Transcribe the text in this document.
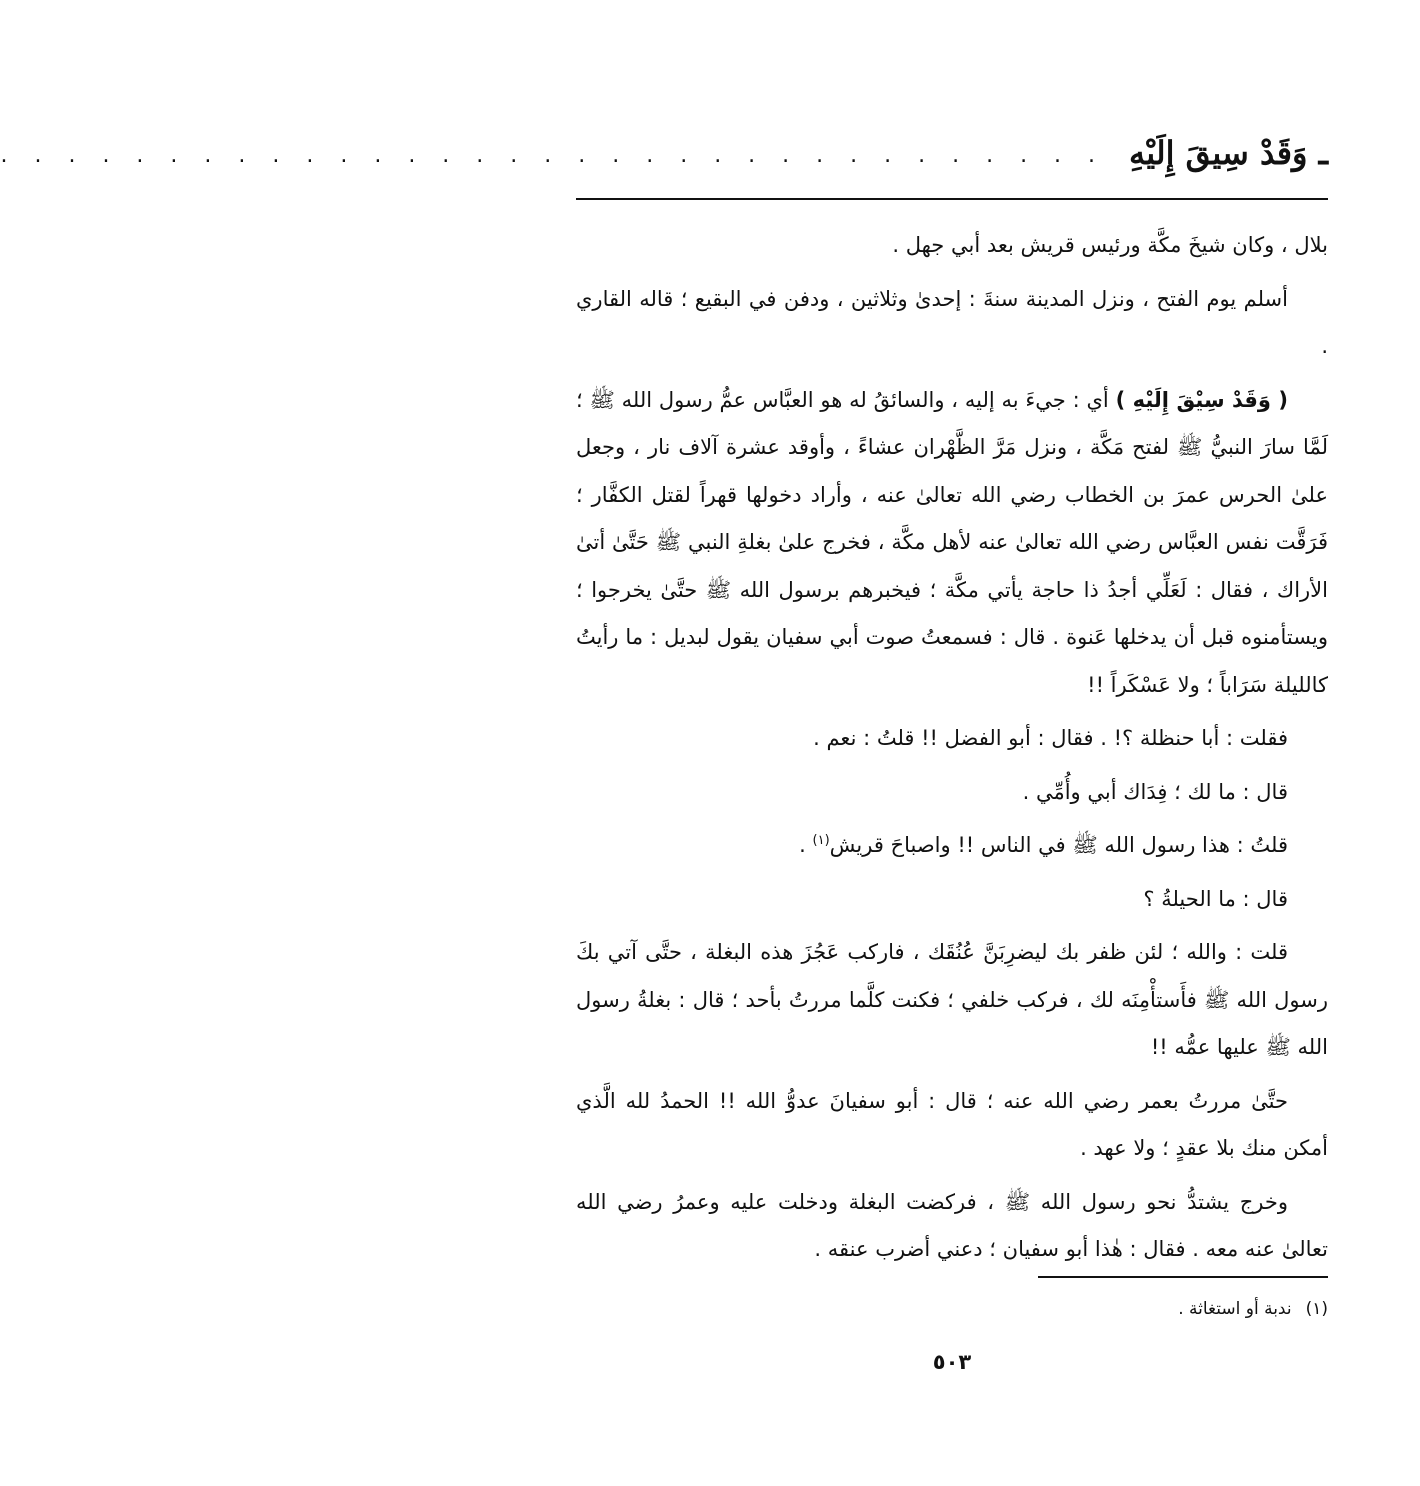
ـ وَقَدْ سِيقَ إِلَيْهِ
. . . . . . . . . . . . . . . . . . . . . . . . . . . . . . . . .

بلال ، وكان شيخَ مكَّة ورئيس قريش بعد أبي جهل .

أسلم يوم الفتح ، ونزل المدينة سنةَ : إحدىٰ وثلاثين ، ودفن في البقيع ؛ قاله القاري .

( وَقَدْ سِيْقَ إِلَيْهِ ) أي : جيءَ به إليه ، والسائقُ له هو العبَّاس عمُّ رسول الله ﷺ ؛ لَمَّا سارَ النبيُّ ﷺ لفتح مَكَّة ، ونزل مَرَّ الظَّهْران عشاءً ، وأوقد عشرة آلاف نار ، وجعل علىٰ الحرس عمرَ بن الخطاب رضي الله تعالىٰ عنه ، وأراد دخولها قهراً لقتل الكفَّار ؛ فَرَقَّت نفس العبَّاس رضي الله تعالىٰ عنه لأهل مكَّة ، فخرج علىٰ بغلةِ النبي ﷺ حَتَّىٰ أتىٰ الأراك ، فقال : لَعَلِّي أجدُ ذا حاجة يأتي مكَّة ؛ فيخبرهم برسول الله ﷺ حتَّىٰ يخرجوا ؛ ويستأمنوه قبل أن يدخلها عَنوة . قال : فسمعتُ صوت أبي سفيان يقول لبديل : ما رأيتُ كالليلة سَرَاباً ؛ ولا عَسْكَراً !!

فقلت : أبا حنظلة ؟! . فقال : أبو الفضل !! قلتُ : نعم .

قال : ما لك ؛ فِدَاك أبي وأُمِّي .

قلتُ : هذا رسول الله ﷺ في الناس !! واصباحَ قريش$^{(١)}$ .

قال : ما الحيلةُ ؟

قلت : والله ؛ لئن ظفر بك ليضرِبَنَّ عُنُقَك ، فاركب عَجُزَ هذه البغلة ، حتَّى آتي بكَ رسول الله ﷺ فأَستأْمِنَه لك ، فركب خلفي ؛ فكنت كلَّما مررتُ بأحد ؛ قال : بغلةُ رسول الله ﷺ عليها عمُّه !!

حتَّىٰ مررتُ بعمر رضي الله عنه ؛ قال : أبو سفيانَ عدوُّ الله !! الحمدُ لله الَّذي أمكن منك بلا عقدٍ ؛ ولا عهد .

وخرج يشتدُّ نحو رسول الله ﷺ ، فركضت البغلة ودخلت عليه وعمرُ رضي الله تعالىٰ عنه معه . فقال : هٰذا أبو سفيان ؛ دعني أضرب عنقه .

(١)ندبة أو استغاثة .
٥٠٣
